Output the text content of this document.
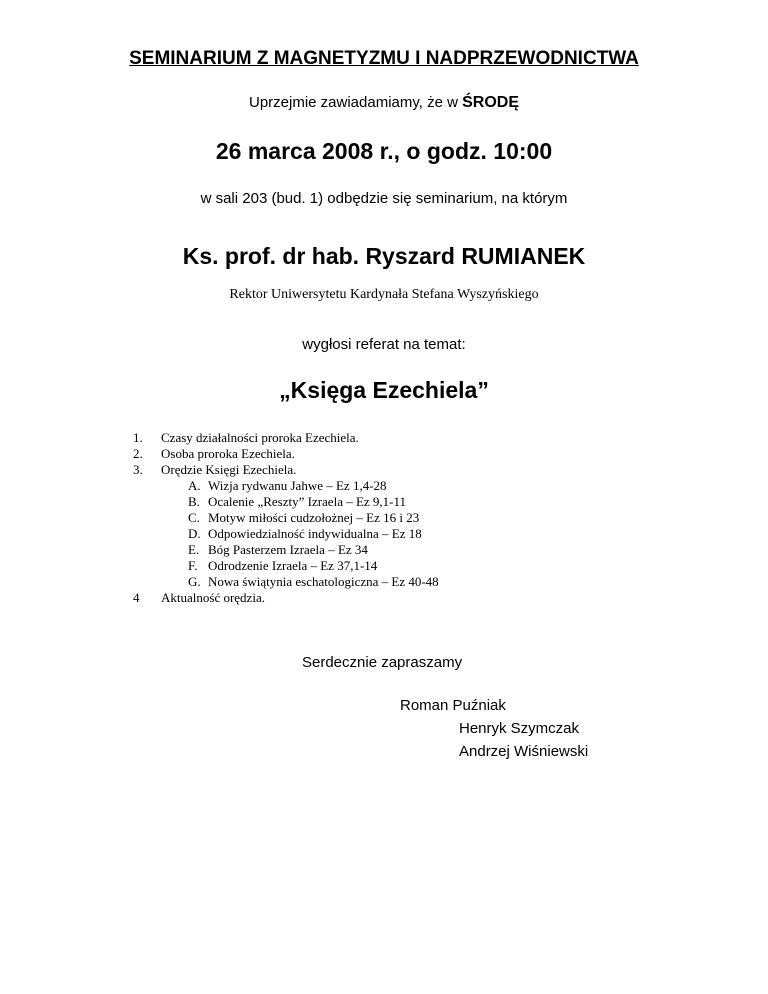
SEMINARIUM Z MAGNETYZMU I NADPRZEWODNICTWA
Uprzejmie zawiadamiamy, że w ŚRODĘ
26 marca 2008 r., o godz. 10:00
w sali 203 (bud. 1) odbędzie się seminarium, na którym
Ks. prof. dr hab. Ryszard RUMIANEK
Rektor Uniwersytetu Kardynała Stefana Wyszyńskiego
wygłosi referat na temat:
„Księga Ezechiela”
1. Czasy działalności proroka Ezechiela.
2. Osoba proroka Ezechiela.
3. Orędzie Księgi Ezechiela.
A. Wizja rydwanu Jahwe – Ez 1,4-28
B. Ocalenie „Reszty” Izraela – Ez 9,1-11
C. Motyw miłości cudzołożnej – Ez 16 i 23
D. Odpowiedzialność indywidualna – Ez 18
E. Bóg Pasterzem Izraela – Ez 34
F. Odrodzenie Izraela – Ez 37,1-14
G. Nowa świątynia eschatologiczna – Ez 40-48
4 Aktualność orędzia.
Serdecznie zapraszamy
Roman Puźniak
Henryk Szymczak
Andrzej Wiśniewski
